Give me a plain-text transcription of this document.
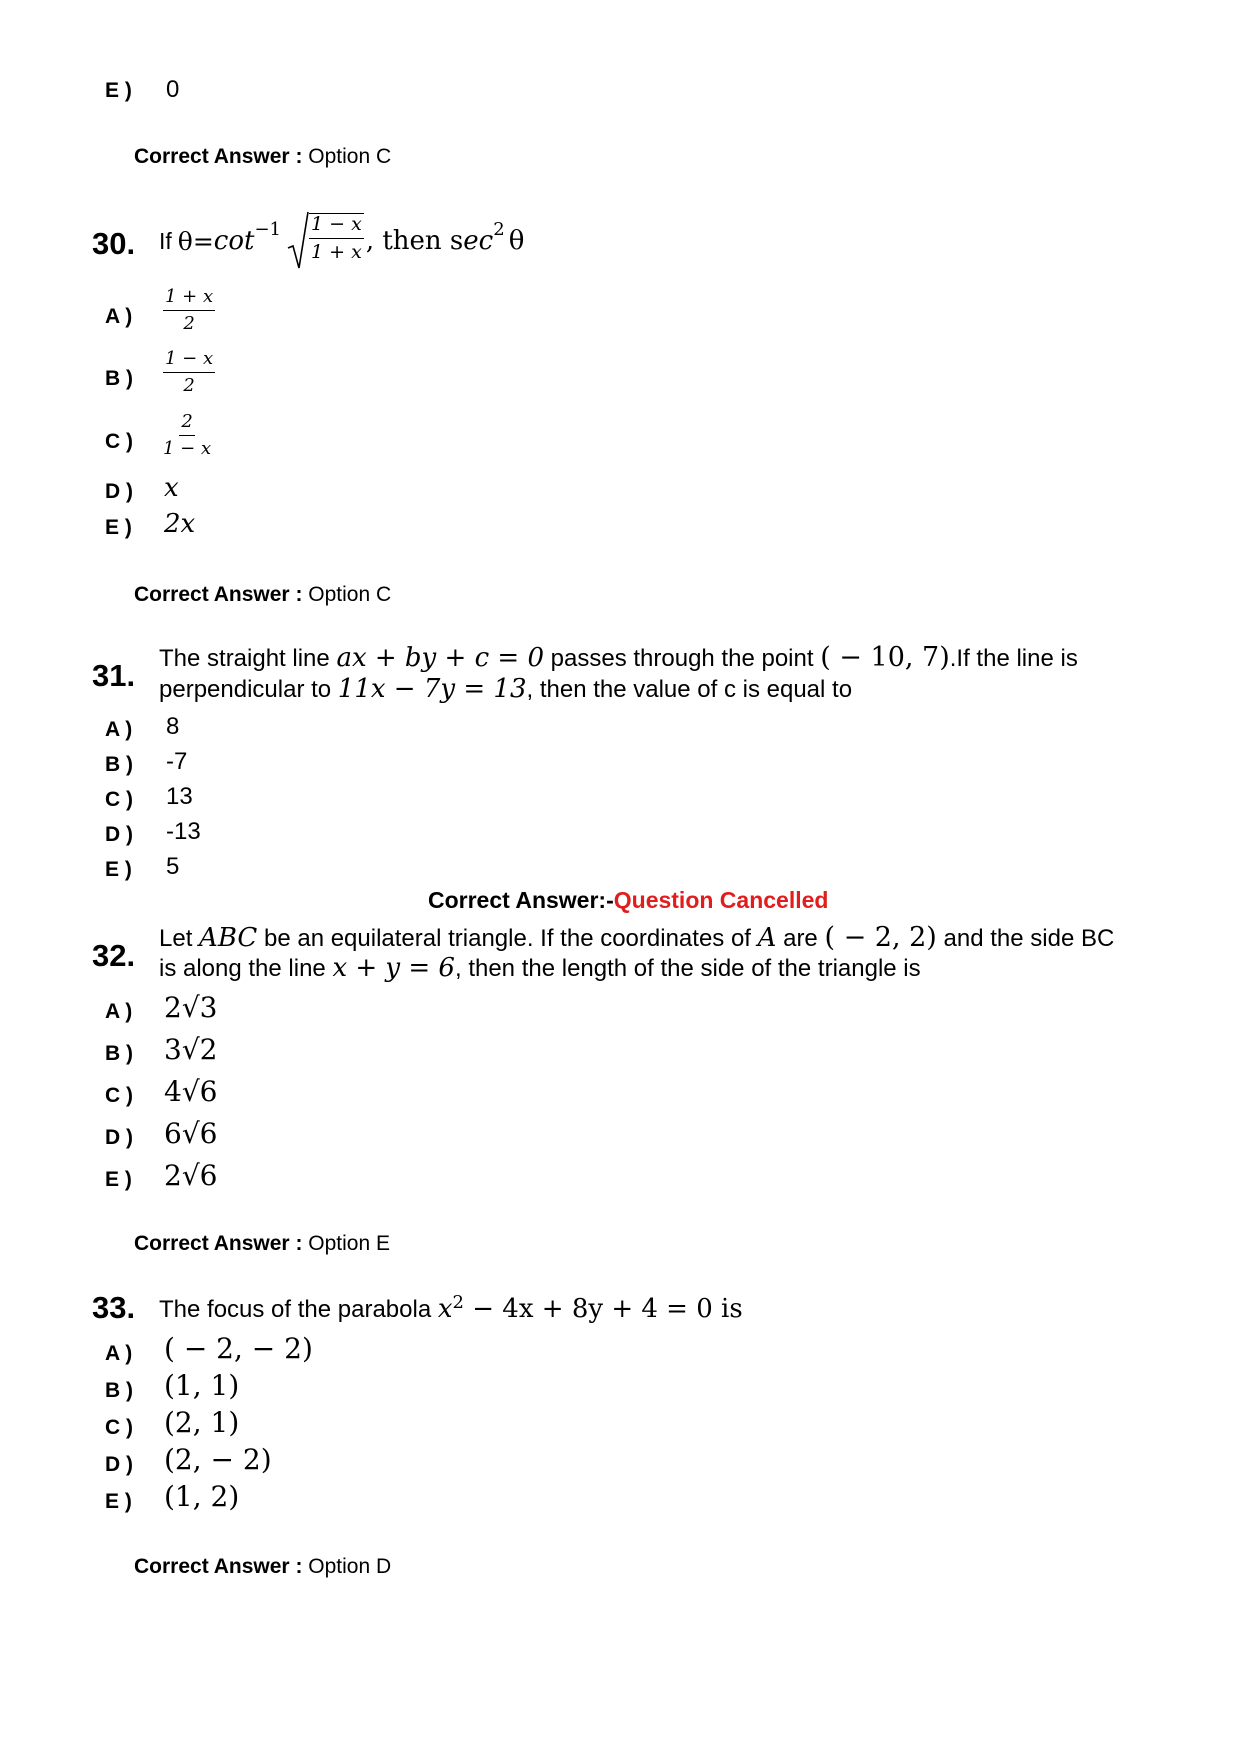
E ) 0
Correct Answer : Option C
30. If $\theta= \cot^{-1} \frac{1 - x}{1 + x}$ , then s $ec^2$ θ
A ) $\frac{1 + x}{2}$
B ) $\frac{1 - x}{2}$
C ) $\frac{2}{1 - x}$
D ) x
E ) 2x
Correct Answer : Option C
31. The straight line ax + by + c = 0 passes through the point ( − 10, 7).If the line is
perpendicular to 11x − 7y = 13, then the value of c is equal to
A ) 8
B ) -7
C ) 13
D ) -13
E ) 5
Correct Answer:-Question Cancelled
32. Let ABC be an equilateral triangle. If the coordinates of A are ( − 2, 2) and the side BC
is along the line x + y = 6, then the length of the side of the triangle is
A ) 2√3
B ) 3√2
C ) 4√6
D ) 6√6
E ) 2√6
Correct Answer : Option E
33. The focus of the parabola $x^2 - 4x + 8y + 4 = 0$ is
A ) ( − 2, − 2)
B ) (1, 1)
C ) (2, 1)
D ) (2, − 2)
E ) (1, 2)
Correct Answer : Option D
